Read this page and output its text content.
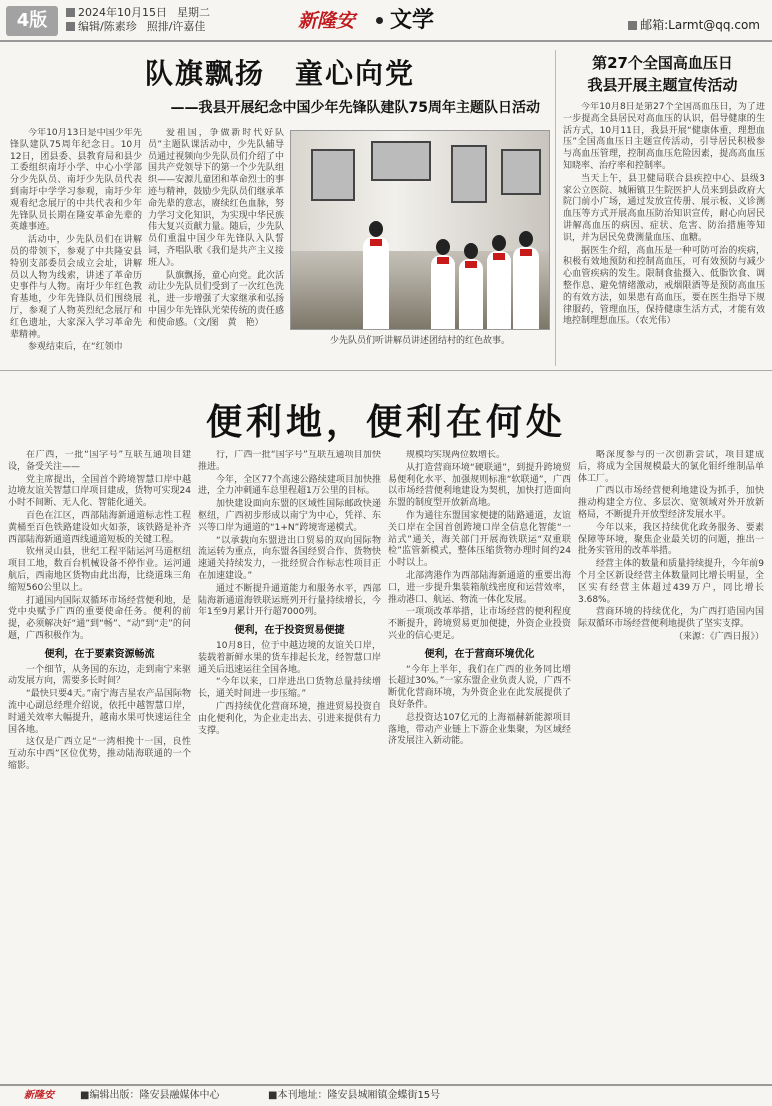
4版	2024年10月15日 星期二
编辑/陈素珍 照排/许嘉佳	新隆安 文学	邮箱:Larmt@qq.com
队旗飘扬　童心向党
——我县开展纪念中国少年先锋队建队75周年主题队日活动

今年10月13日是中国少年先锋队建队75周年纪念日。10月12日，团县委、县教育局和县少工委组织南圩小学、中心小学部分少先队员、南圩少先队员代表到南圩中学学习参观，南圩少年观看纪念展厅的中共代表和少年先锋队员长期在隆安革命先辈的英雄事迹。

活动中，少先队员们在讲解员的带领下，参观了中共隆安县特别支部委员会成立会址，讲解员以人物为线索，讲述了革命历史事件与人物。南圩少年红色教育基地，少年先锋队员们围绕展厅，参观了人物英烈纪念展厅和红色遗址，大家深入学习革命先辈精神。

参观结束后，在“红领巾

爱祖国，争做新时代好队员”主题队课活动中，少先队辅导员通过视频向少先队员们介绍了中国共产党领导下的第一个少先队组织——安源儿童团和革命烈士的事迹与精神，鼓励少先队员们继承革命先辈的意志，赓续红色血脉，努力学习文化知识，为实现中华民族伟大复兴贡献力量。随后，少先队员们重温中国少年先锋队入队誓词，齐唱队歌《我们是共产主义接班人》。

队旗飘扬，童心向党。此次活动让少先队员们受到了一次红色洗礼，进一步增强了大家继承和弘扬中国少年先锋队光荣传统的责任感和使命感。（文/图　黄　艳）

少先队员们听讲解员讲述团结村的红色故事。
第27个全国高血压日
我县开展主题宣传活动

今年10月8日是第27个全国高血压日，为了进一步提高全县居民对高血压的认识，倡导健康的生活方式，10月11日，我县开展“健康体重，理想血压”全国高血压日主题宣传活动，引导居民积极参与高血压管理，控制高血压危险因素，提高高血压知晓率、治疗率和控制率。

当天上午，县卫健局联合县疾控中心、县级3家公立医院、城厢镇卫生院医护人员来到县政府大院门前小广场，通过发放宣传册、展示板、义诊测血压等方式开展高血压防治知识宣传，耐心向居民讲解高血压的病因、症状、危害、防治措施等知识，并为居民免费测量血压、血糖。

据医生介绍，高血压是一种可防可治的疾病，积极有效地预防和控制高血压，可有效预防与减少心血管疾病的发生。限制食盐摄入、低脂饮食、调整作息、避免情绪激动，戒烟限酒等是预防高血压的有效方法，如果患有高血压，要在医生指导下规律服药，管理血压，保持健康生活方式，才能有效地控制理想血压。（农光伟）

便利地，便利在何处

在广西，一批“国字号”互联互通项目建设，备受关注——

党主席提出，全国首个跨境智慧口岸中越边境友谊关智慧口岸项目建成，货物可实现24小时不间断、无人化、智能化通关。

百色在江区，西部陆海新通道标志性工程黄桶至百色铁路建设如火如荼，该铁路是补齐西部陆海新通道西线通道短板的关键工程。

钦州灵山县，世纪工程平陆运河马道枢纽项目工地，数百台机械设备不停作业。运河通航后，西南地区货物由此出海，比绕道珠三角缩短560公里以上。

打通国内国际双循环市场经营便利地，是党中央赋予广西的重要使命任务。便利的前提，必须解决好“通”到“畅”、“动”到“走”的问题，广西积极作为。

便利，在于要素资源畅流

一个细节，从务国的东边，走到南宁来驱动发展方向，需要多长时间？

“最快只要4天。”南宁海吉星农产品国际物流中心副总经理介绍说，依托中越智慧口岸，时通关效率大幅提升，越南水果可快速运往全国各地。

这仅是广西立足“一湾相挽十一国，良性互动东中西”区位优势，推动陆海联通的一个缩影。

行，广西一批“国字号”互联互通项目加快推进。

今年，全区77个高速公路续建项目加快推进，全力冲刺通车总里程超1万公里的目标。

加快建设面向东盟的区域性国际邮政快递枢纽，广西初步形成以南宁为中心，凭祥、东兴等口岸为通道的“1+N”跨境寄递模式。

“以承载向东盟进出口贸易的双向国际物流运转为重点，向东盟各国经贸合作、货物快速通关持续发力，一批经贸合作标志性项目正在加速建设。”

通过不断提升通道能力和服务水平，西部陆海新通道海铁联运班列开行量持续增长，今年1至9月累计开行超7000列。

便利，在于投资贸易便捷

10月8日，位于中越边境的友谊关口岸，装载着新鲜水果的货车排起长龙，经智慧口岸通关后迅速运往全国各地。

“今年以来，口岸进出口货物总量持续增长，通关时间进一步压缩。”

广西持续优化营商环境，推进贸易投资自由化便利化，为企业走出去、引进来提供有力支撑。

规模均实现两位数增长。

从打造营商环境“硬联通”，到提升跨境贸易便利化水平、加强规则标准“软联通”，广西以市场经营便利地建设为契机，加快打造面向东盟的制度型开放新高地。

作为通往东盟国家便捷的陆路通道，友谊关口岸在全国首创跨境口岸全信息化智能“一站式”通关，海关部门开展海铁联运“双重联检”监管新模式，整体压缩货物办理时间约24小时以上。

北部湾港作为西部陆海新通道的重要出海口，进一步提升集装箱航线密度和运营效率，推动港口、航运、物流一体化发展。

一项项改革举措，让市场经营的便利程度不断提升，跨境贸易更加便捷，外资企业投资兴业的信心更足。

便利，在于营商环境优化

“今年上半年，我们在广西的业务同比增长超过30%。”一家东盟企业负责人说，广西不断优化营商环境，为外资企业在此发展提供了良好条件。

总投资达107亿元的上海福赫新能源项目落地，带动产业链上下游企业集聚，为区域经济发展注入新动能。

略深度参与的一次创新尝试，项目建成后，将成为全国规模最大的氯化钼纤维制品单体工厂。

广西以市场经营便利地建设为抓手，加快推动构建全方位、多层次、宽领域对外开放新格局，不断提升开放型经济发展水平。

今年以来，我区持续优化政务服务、要素保障等环境，聚焦企业最关切的问题，推出一批务实管用的改革举措。

经营主体的数量和质量持续提升，今年前9个月全区新设经营主体数量同比增长明显，全区实有经营主体超过439万户，同比增长3.68%。

营商环境的持续优化，为广西打造国内国际双循环市场经营便利地提供了坚实支撑。

（来源：《广西日报》）

新隆安	■编辑出版：隆安县融媒体中心	■本刊地址：隆安县城厢镇金蝶街15号
